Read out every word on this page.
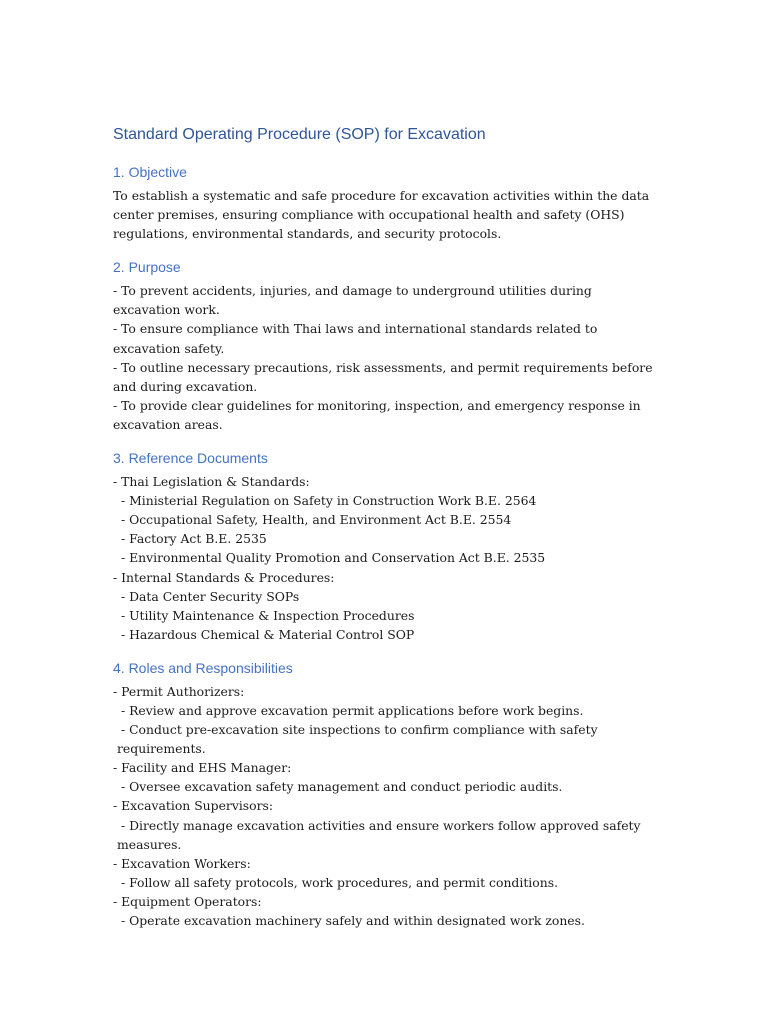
Standard Operating Procedure (SOP) for Excavation
1. Objective

To establish a systematic and safe procedure for excavation activities within the data center premises, ensuring compliance with occupational health and safety (OHS) regulations, environmental standards, and security protocols.

2. Purpose

- To prevent accidents, injuries, and damage to underground utilities during excavation work.

- To ensure compliance with Thai laws and international standards related to excavation safety.

- To outline necessary precautions, risk assessments, and permit requirements before and during excavation.

- To provide clear guidelines for monitoring, inspection, and emergency response in excavation areas.

3. Reference Documents

- Thai Legislation & Standards:

- Ministerial Regulation on Safety in Construction Work B.E. 2564

- Occupational Safety, Health, and Environment Act B.E. 2554

- Factory Act B.E. 2535

- Environmental Quality Promotion and Conservation Act B.E. 2535

- Internal Standards & Procedures:

- Data Center Security SOPs

- Utility Maintenance & Inspection Procedures

- Hazardous Chemical & Material Control SOP

4. Roles and Responsibilities

- Permit Authorizers:

- Review and approve excavation permit applications before work begins.

- Conduct pre-excavation site inspections to confirm compliance with safety requirements.

- Facility and EHS Manager:

- Oversee excavation safety management and conduct periodic audits.

- Excavation Supervisors:

- Directly manage excavation activities and ensure workers follow approved safety measures.

- Excavation Workers:

- Follow all safety protocols, work procedures, and permit conditions.

- Equipment Operators:

- Operate excavation machinery safely and within designated work zones.
